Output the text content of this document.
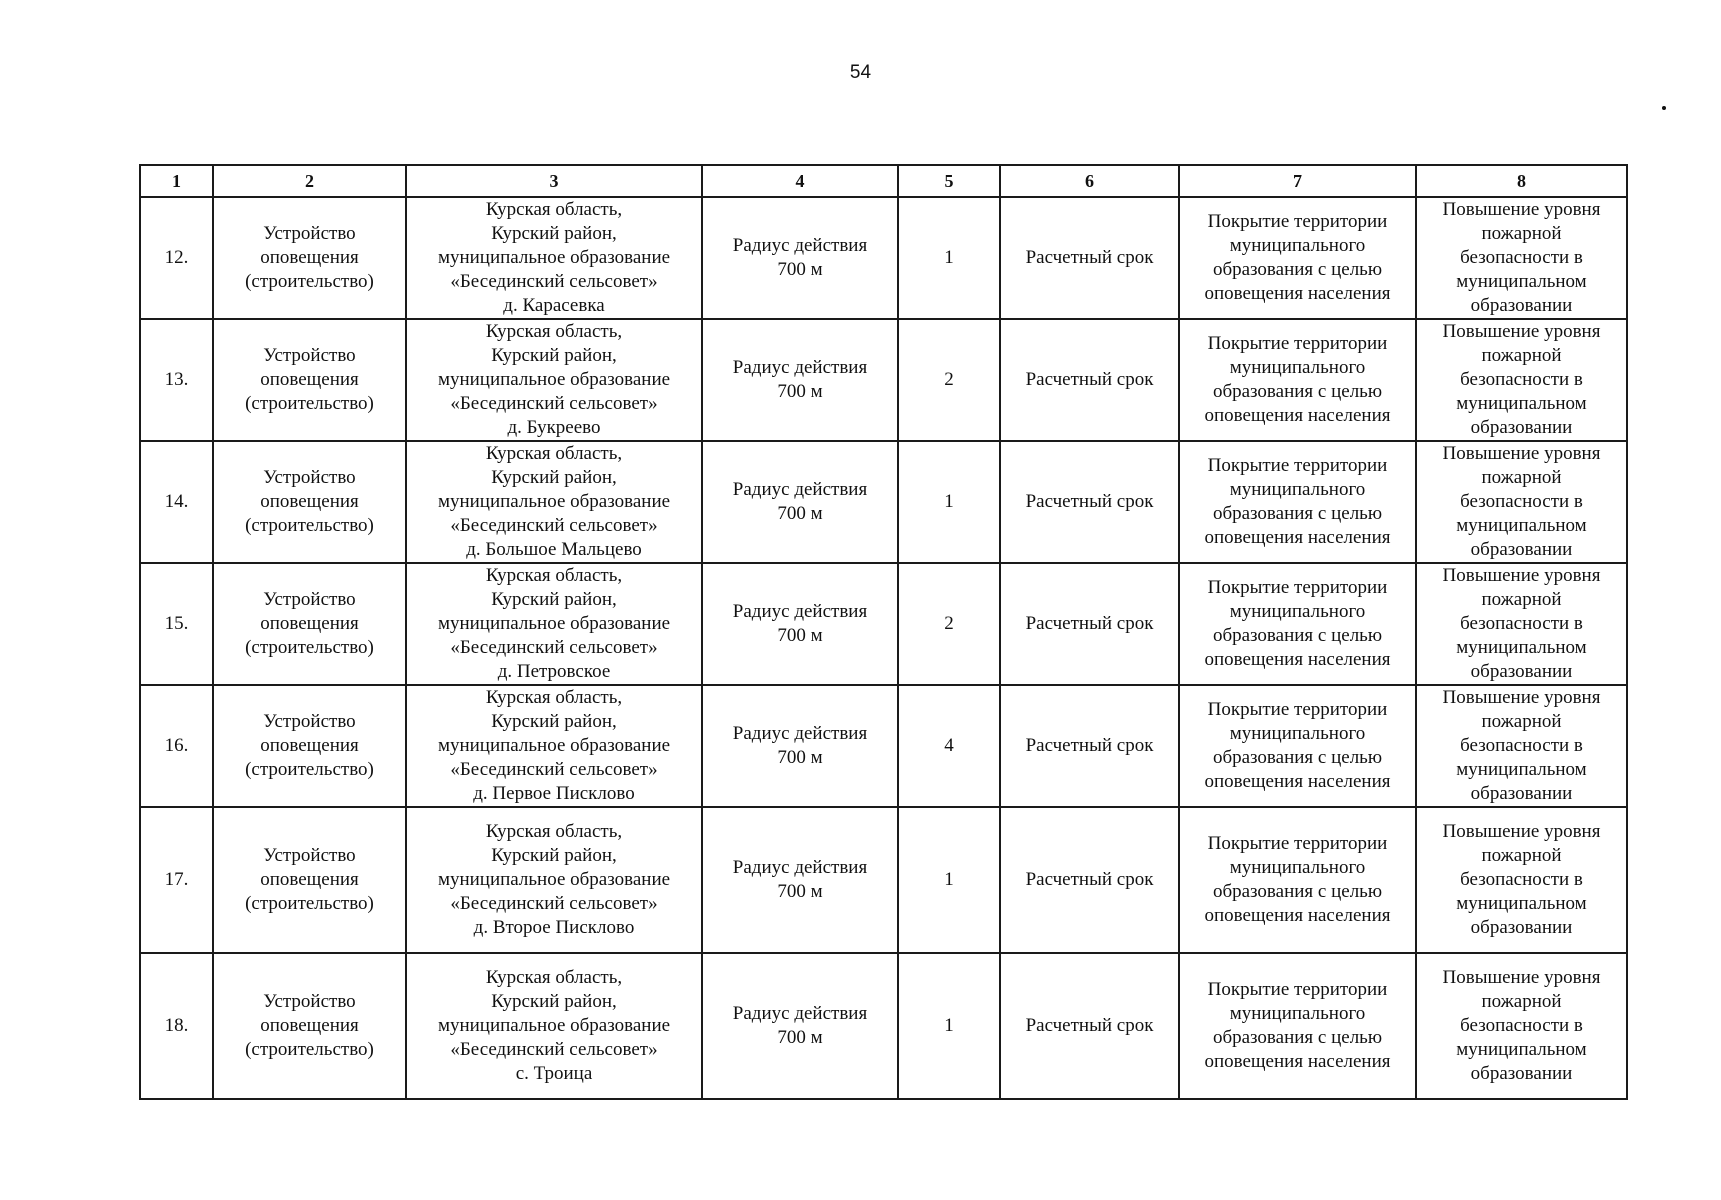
54
1	2	3	4	5	6	7	8
12.	Устройство
оповещения
(строительство)	Курская область,
Курский район,
муниципальное образование
«Бесединский сельсовет»
д. Карасевка	Радиус действия
700 м	1	Расчетный срок	Покрытие территории
муниципального
образования с целью
оповещения населения	Повышение уровня
пожарной
безопасности в
муниципальном
образовании

13.	Устройство
оповещения
(строительство)	Курская область,
Курский район,
муниципальное образование
«Бесединский сельсовет»
д. Букреево	Радиус действия
700 м	2	Расчетный срок	Покрытие территории
муниципального
образования с целью
оповещения населения	Повышение уровня
пожарной
безопасности в
муниципальном
образовании

14.	Устройство
оповещения
(строительство)	Курская область,
Курский район,
муниципальное образование
«Бесединский сельсовет»
д. Большое Мальцево	Радиус действия
700 м	1	Расчетный срок	Покрытие территории
муниципального
образования с целью
оповещения населения	Повышение уровня
пожарной
безопасности в
муниципальном
образовании

15.	Устройство
оповещения
(строительство)	Курская область,
Курский район,
муниципальное образование
«Бесединский сельсовет»
д. Петровское	Радиус действия
700 м	2	Расчетный срок	Покрытие территории
муниципального
образования с целью
оповещения населения	Повышение уровня
пожарной
безопасности в
муниципальном
образовании

16.	Устройство
оповещения
(строительство)	Курская область,
Курский район,
муниципальное образование
«Бесединский сельсовет»
д. Первое Писклово	Радиус действия
700 м	4	Расчетный срок	Покрытие территории
муниципального
образования с целью
оповещения населения	Повышение уровня
пожарной
безопасности в
муниципальном
образовании

17.	Устройство
оповещения
(строительство)	Курская область,
Курский район,
муниципальное образование
«Бесединский сельсовет»
д. Второе Писклово	Радиус действия
700 м	1	Расчетный срок	Покрытие территории
муниципального
образования с целью
оповещения населения	Повышение уровня
пожарной
безопасности в
муниципальном
образовании

18.	Устройство
оповещения
(строительство)	Курская область,
Курский район,
муниципальное образование
«Бесединский сельсовет»
с. Троица	Радиус действия
700 м	1	Расчетный срок	Покрытие территории
муниципального
образования с целью
оповещения населения	Повышение уровня
пожарной
безопасности в
муниципальном
образовании
